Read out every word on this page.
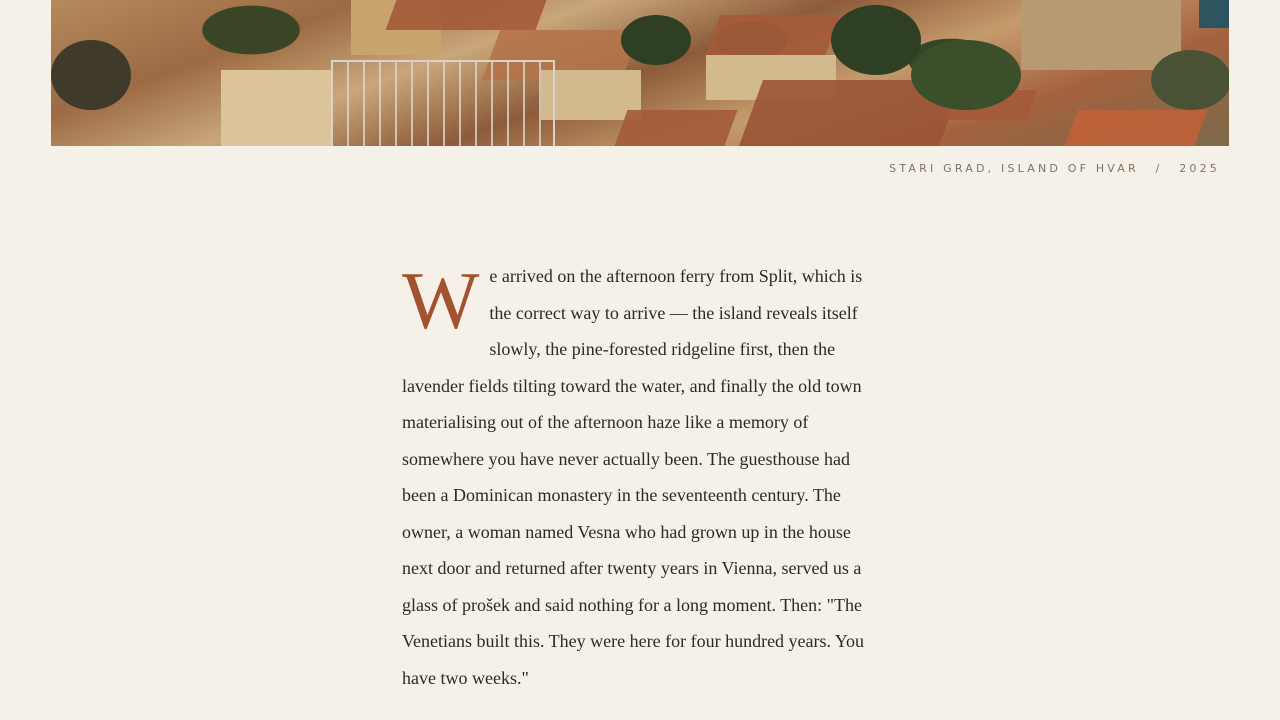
STARI GRAD, ISLAND OF HVAR / 2025
We arrived on the afternoon ferry from Split, which is the correct way to arrive — the island reveals itself slowly, the pine-forested ridgeline first, then the lavender fields tilting toward the water, and finally the old town materialising out of the afternoon haze like a memory of somewhere you have never actually been. The guesthouse had been a Dominican monastery in the seventeenth century. The owner, a woman named Vesna who had grown up in the house next door and returned after twenty years in Vienna, served us a glass of prošek and said nothing for a long moment. Then: "The Venetians built this. They were here for four hundred years. You have two weeks."
